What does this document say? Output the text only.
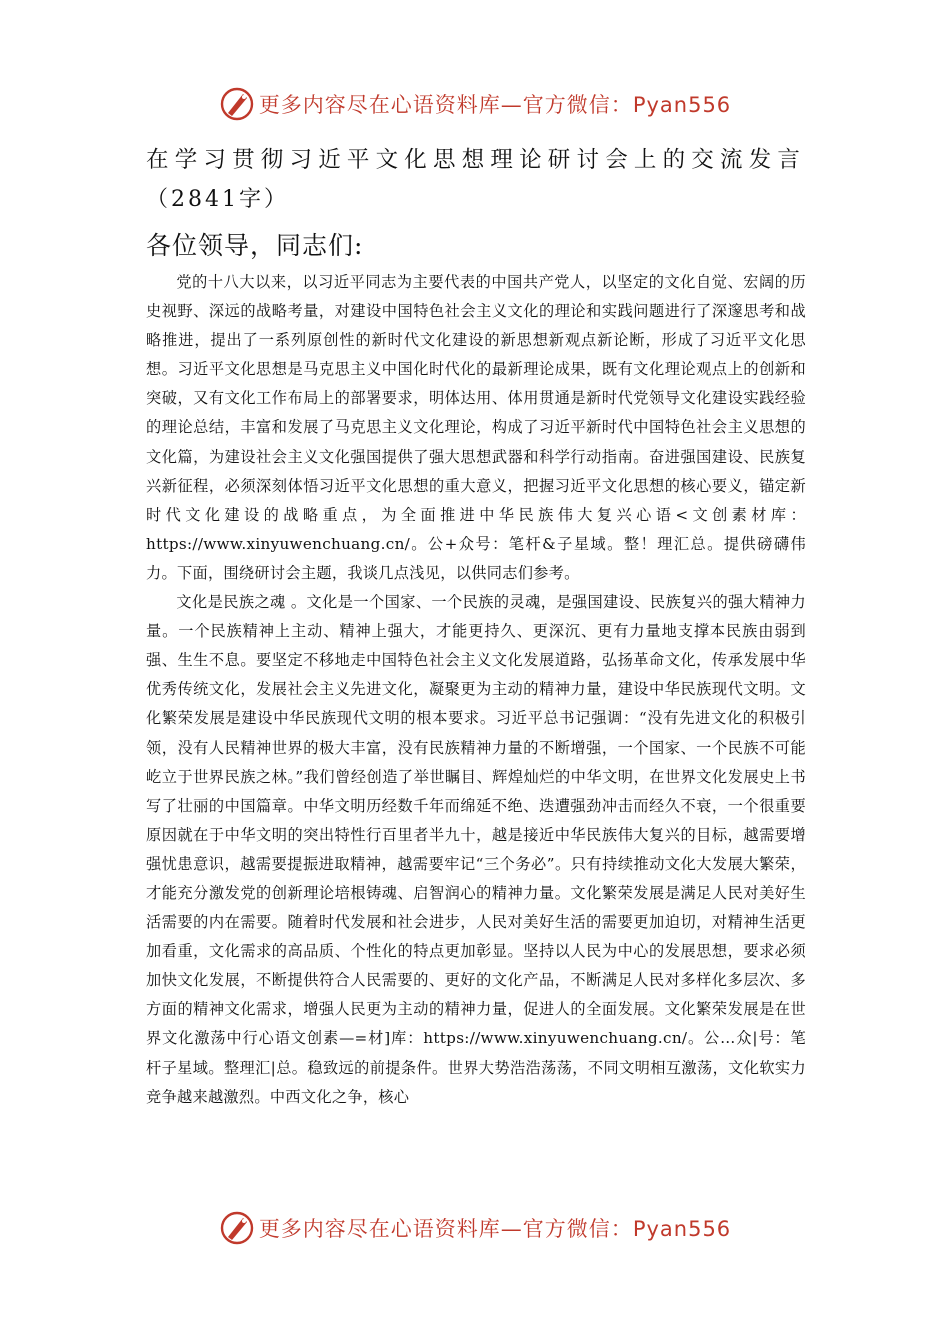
更多内容尽在心语资料库—官方微信：Pyan556
在学习贯彻习近平文化思想理论研讨会上的交流发言
（2841字）
各位领导，同志们:

党的十八大以来，以习近平同志为主要代表的中国共产党人，以坚定的文化自觉、宏阔的历史视野、深远的战略考量，对建设中国特色社会主义文化的理论和实践问题进行了深邃思考和战略推进，提出了一系列原创性的新时代文化建设的新思想新观点新论断，形成了习近平文化思想。习近平文化思想是马克思主义中国化时代化的最新理论成果，既有文化理论观点上的创新和突破，又有文化工作布局上的部署要求，明体达用、体用贯通是新时代党领导文化建设实践经验的理论总结，丰富和发展了马克思主义文化理论，构成了习近平新时代中国特色社会主义思想的文化篇，为建设社会主义文化强国提供了强大思想武器和科学行动指南。奋进强国建设、民族复兴新征程，必须深刻体悟习近平文化思想的重大意义，把握习近平文化思想的核心要义，锚定新时代文化建设的战略重点，为全面推进中华民族伟大复兴心语<文创素材库：https://www.xinyuwenchuang.cn/。公+众号：笔杆&子星域。整！理汇总。提供磅礴伟力。下面，围绕研讨会主题，我谈几点浅见，以供同志们参考。

文化是民族之魂 。文化是一个国家、一个民族的灵魂，是强国建设、民族复兴的强大精神力量。一个民族精神上主动、精神上强大，才能更持久、更深沉、更有力量地支撑本民族由弱到强、生生不息。要坚定不移地走中国特色社会主义文化发展道路，弘扬革命文化，传承发展中华优秀传统文化，发展社会主义先进文化，凝聚更为主动的精神力量，建设中华民族现代文明。文化繁荣发展是建设中华民族现代文明的根本要求。习近平总书记强调：“没有先进文化的积极引领，没有人民精神世界的极大丰富，没有民族精神力量的不断增强，一个国家、一个民族不可能屹立于世界民族之林。”我们曾经创造了举世瞩目、辉煌灿烂的中华文明，在世界文化发展史上书写了壮丽的中国篇章。中华文明历经数千年而绵延不绝、迭遭强劲冲击而经久不衰，一个很重要原因就在于中华文明的突出特性行百里者半九十，越是接近中华民族伟大复兴的目标，越需要增强忧患意识，越需要提振进取精神，越需要牢记“三个务必”。只有持续推动文化大发展大繁荣，才能充分激发党的创新理论培根铸魂、启智润心的精神力量。文化繁荣发展是满足人民对美好生活需要的内在需要。随着时代发展和社会进步，人民对美好生活的需要更加迫切，对精神生活更加看重，文化需求的高品质、个性化的特点更加彰显。坚持以人民为中心的发展思想，要求必须加快文化发展，不断提供符合人民需要的、更好的文化产品，不断满足人民对多样化多层次、多方面的精神文化需求，增强人民更为主动的精神力量，促进人的全面发展。文化繁荣发展是在世界文化激荡中行心语文创素—=材]库：https://www.xinyuwenchuang.cn/。公…众|号：笔杆子星域。整理汇|总。稳致远的前提条件。世界大势浩浩荡荡，不同文明相互激荡，文化软实力竞争越来越激烈。中西文化之争，核心

更多内容尽在心语资料库—官方微信：Pyan556
